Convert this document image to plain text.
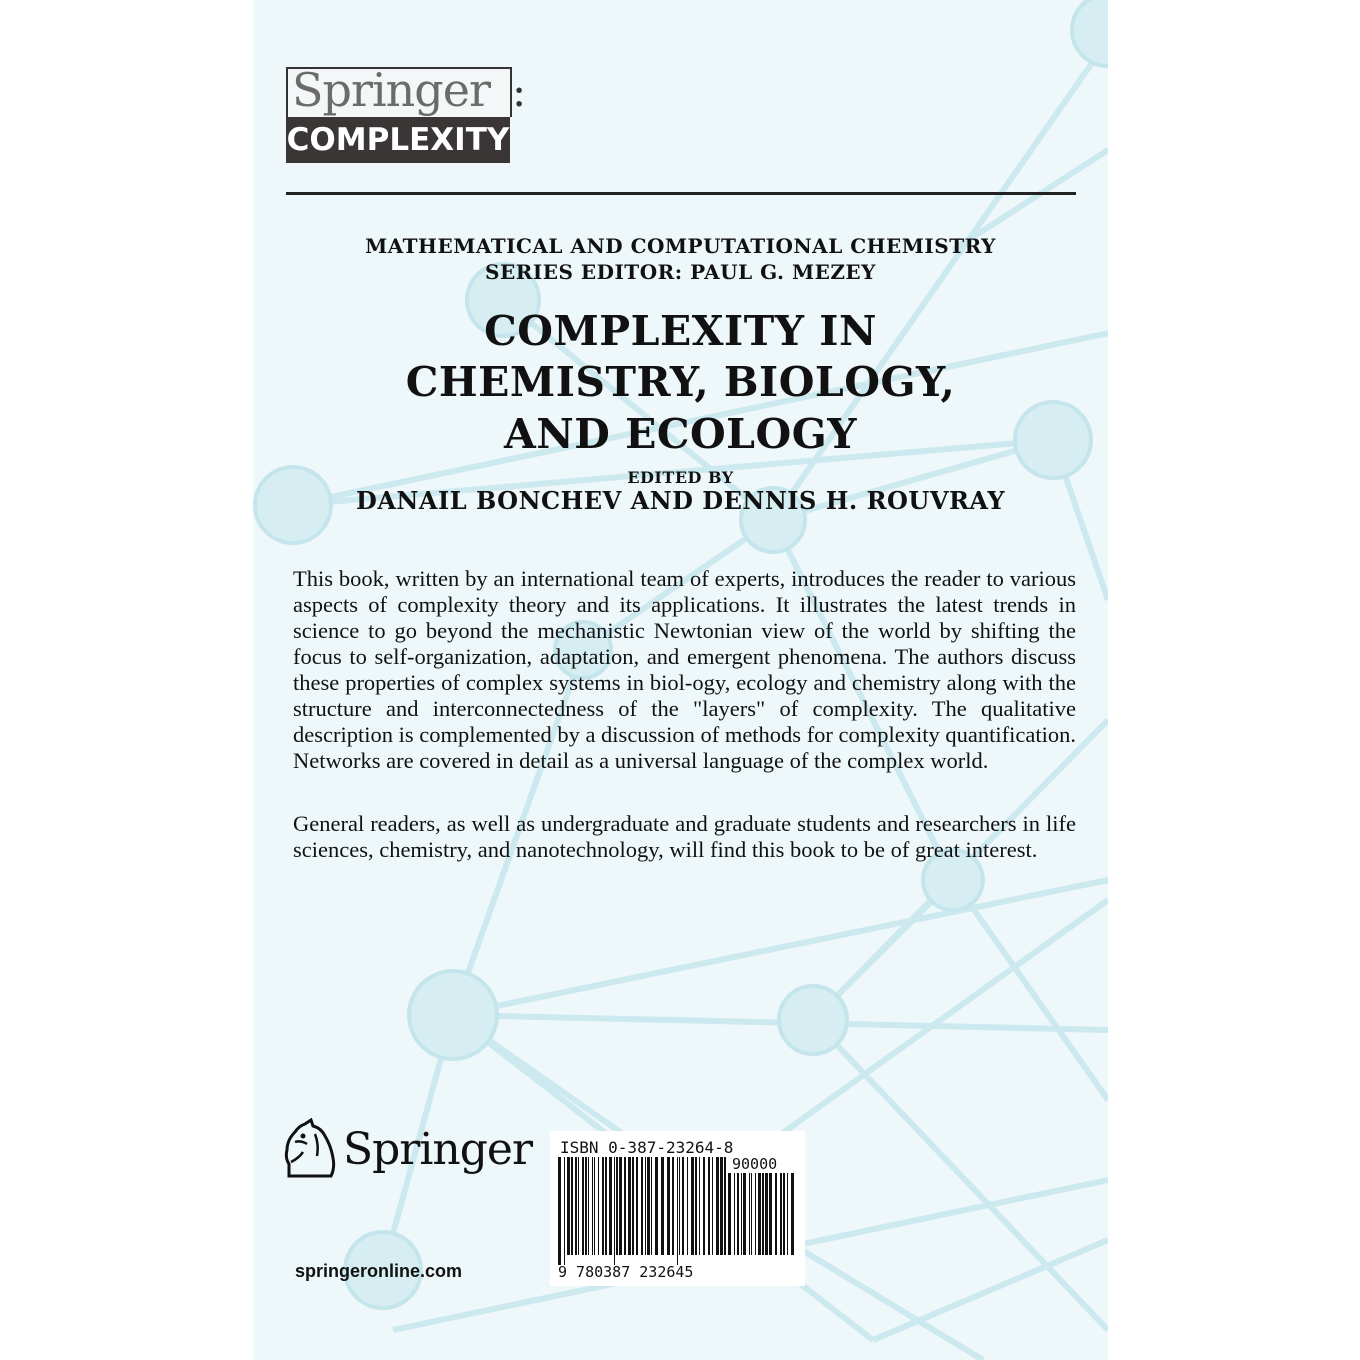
Springer :
COMPLEXITY
MATHEMATICAL AND COMPUTATIONAL CHEMISTRY
SERIES EDITOR: PAUL G. MEZEY
COMPLEXITY IN
CHEMISTRY, BIOLOGY,
AND ECOLOGY
EDITED BY
DANAIL BONCHEV AND DENNIS H. ROUVRAY

This book, written by an international team of experts, introduces the reader to various aspects of complexity theory and its applications. It illustrates the latest trends in science to go beyond the mechanistic Newtonian view of the world by shifting the focus to self-organization, adaptation, and emergent phenomena. The authors discuss these properties of complex systems in biol-ogy, ecology and chemistry along with the structure and interconnectedness of the "layers" of complexity. The qualitative description is complemented by a discussion of methods for complexity quantification. Networks are covered in detail as a universal language of the complex world.

General readers, as well as undergraduate and graduate students and researchers in life sciences, chemistry, and nanotechnology, will find this book to be of great interest.

Springer
springeronline.com
ISBN 0-387-23264-8
90000
9 780387 232645
